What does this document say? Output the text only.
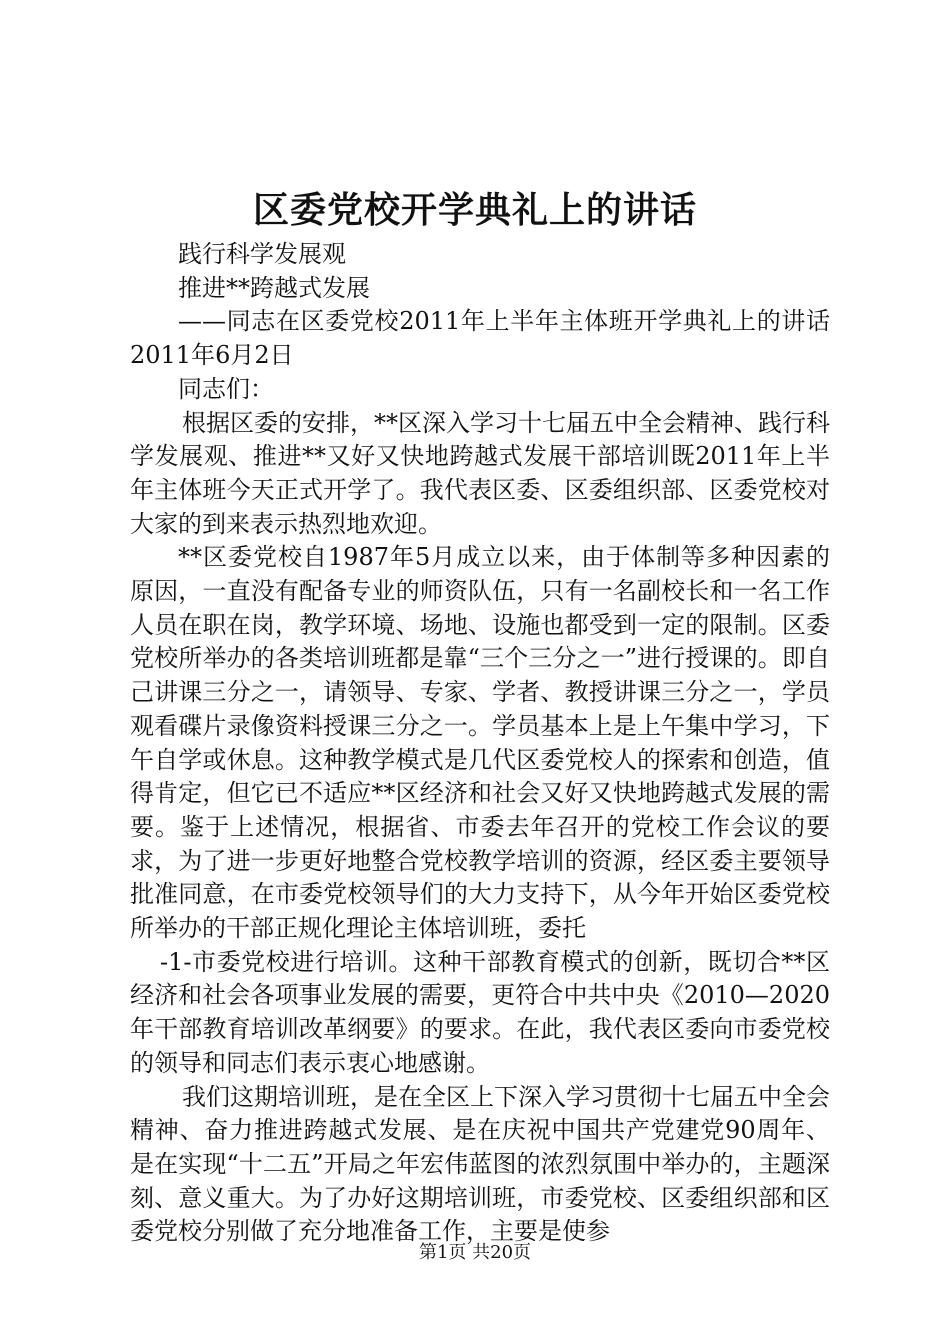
区委党校开学典礼上的讲话

践行科学发展观

推进**跨越式发展

——同志在区委党校2011年上半年主体班开学典礼上的讲话 2011年6月2日

同志们：

根据区委的安排，**区深入学习十七届五中全会精神、践行科学发展观、推进**又好又快地跨越式发展干部培训既2011年上半年主体班今天正式开学了。我代表区委、区委组织部、区委党校对大家的到来表示热烈地欢迎。

**区委党校自1987年5月成立以来，由于体制等多种因素的原因，一直没有配备专业的师资队伍，只有一名副校长和一名工作人员在职在岗，教学环境、场地、设施也都受到一定的限制。区委党校所举办的各类培训班都是靠“三个三分之一”进行授课的。即自己讲课三分之一，请领导、专家、学者、教授讲课三分之一，学员观看碟片录像资料授课三分之一。学员基本上是上午集中学习，下午自学或休息。这种教学模式是几代区委党校人的探索和创造，值得肯定，但它已不适应**区经济和社会又好又快地跨越式发展的需要。鉴于上述情况，根据省、市委去年召开的党校工作会议的要求，为了进一步更好地整合党校教学培训的资源，经区委主要领导批准同意，在市委党校领导们的大力支持下，从今年开始区委党校所举办的干部正规化理论主体培训班，委托

-1-市委党校进行培训。这种干部教育模式的创新，既切合**区经济和社会各项事业发展的需要，更符合中共中央《2010—2020年干部教育培训改革纲要》的要求。在此，我代表区委向市委党校的领导和同志们表示衷心地感谢。

我们这期培训班，是在全区上下深入学习贯彻十七届五中全会精神、奋力推进跨越式发展、是在庆祝中国共产党建党90周年、是在实现“十二五”开局之年宏伟蓝图的浓烈氛围中举办的，主题深刻、意义重大。为了办好这期培训班，市委党校、区委组织部和区委党校分别做了充分地准备工作，主要是使参

第1页 共20页
